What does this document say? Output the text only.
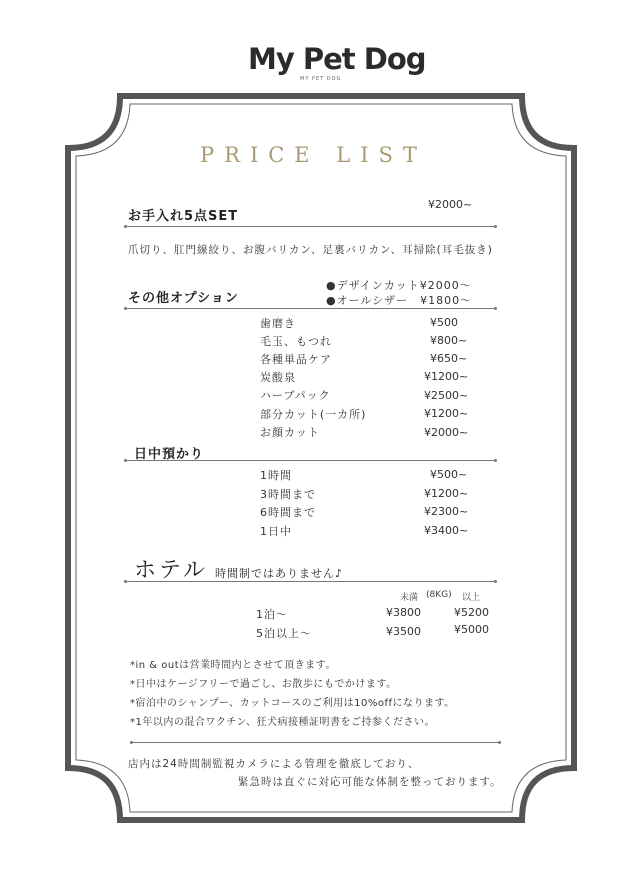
My Pet Dog
MY PET DOG
PRICE LIST
お手入れ5点SET
¥2000~
爪切り、肛門線絞り、お腹バリカン、足裏バリカン、耳掃除(耳毛抜き)
その他オプション
●デザインカット¥2000〜
●オールシザー　¥1800〜
歯磨き	¥500
毛玉、もつれ	¥800~
各種単品ケア	¥650~
炭酸泉	¥1200~
ハーブパック	¥2500~
部分カット(一カ所)	¥1200~
お顔カット	¥2000~
日中預かり
1時間	¥500~
3時間まで	¥1200~
6時間まで	¥2300~
1日中	¥3400~
ホテル 時間制ではありません♪
未満 (8KG) 以上
1泊〜	¥3800	¥5200
5泊以上〜	¥3500	¥5000
*in & outは営業時間内とさせて頂きます。
*日中はケージフリーで過ごし、お散歩にもでかけます。
*宿泊中のシャンプー、カットコースのご利用は10%offになります。
*1年以内の混合ワクチン、狂犬病接種証明書をご持参ください。
店内は24時間制監視カメラによる管理を徹底しており、
緊急時は直ぐに対応可能な体制を整っております。
